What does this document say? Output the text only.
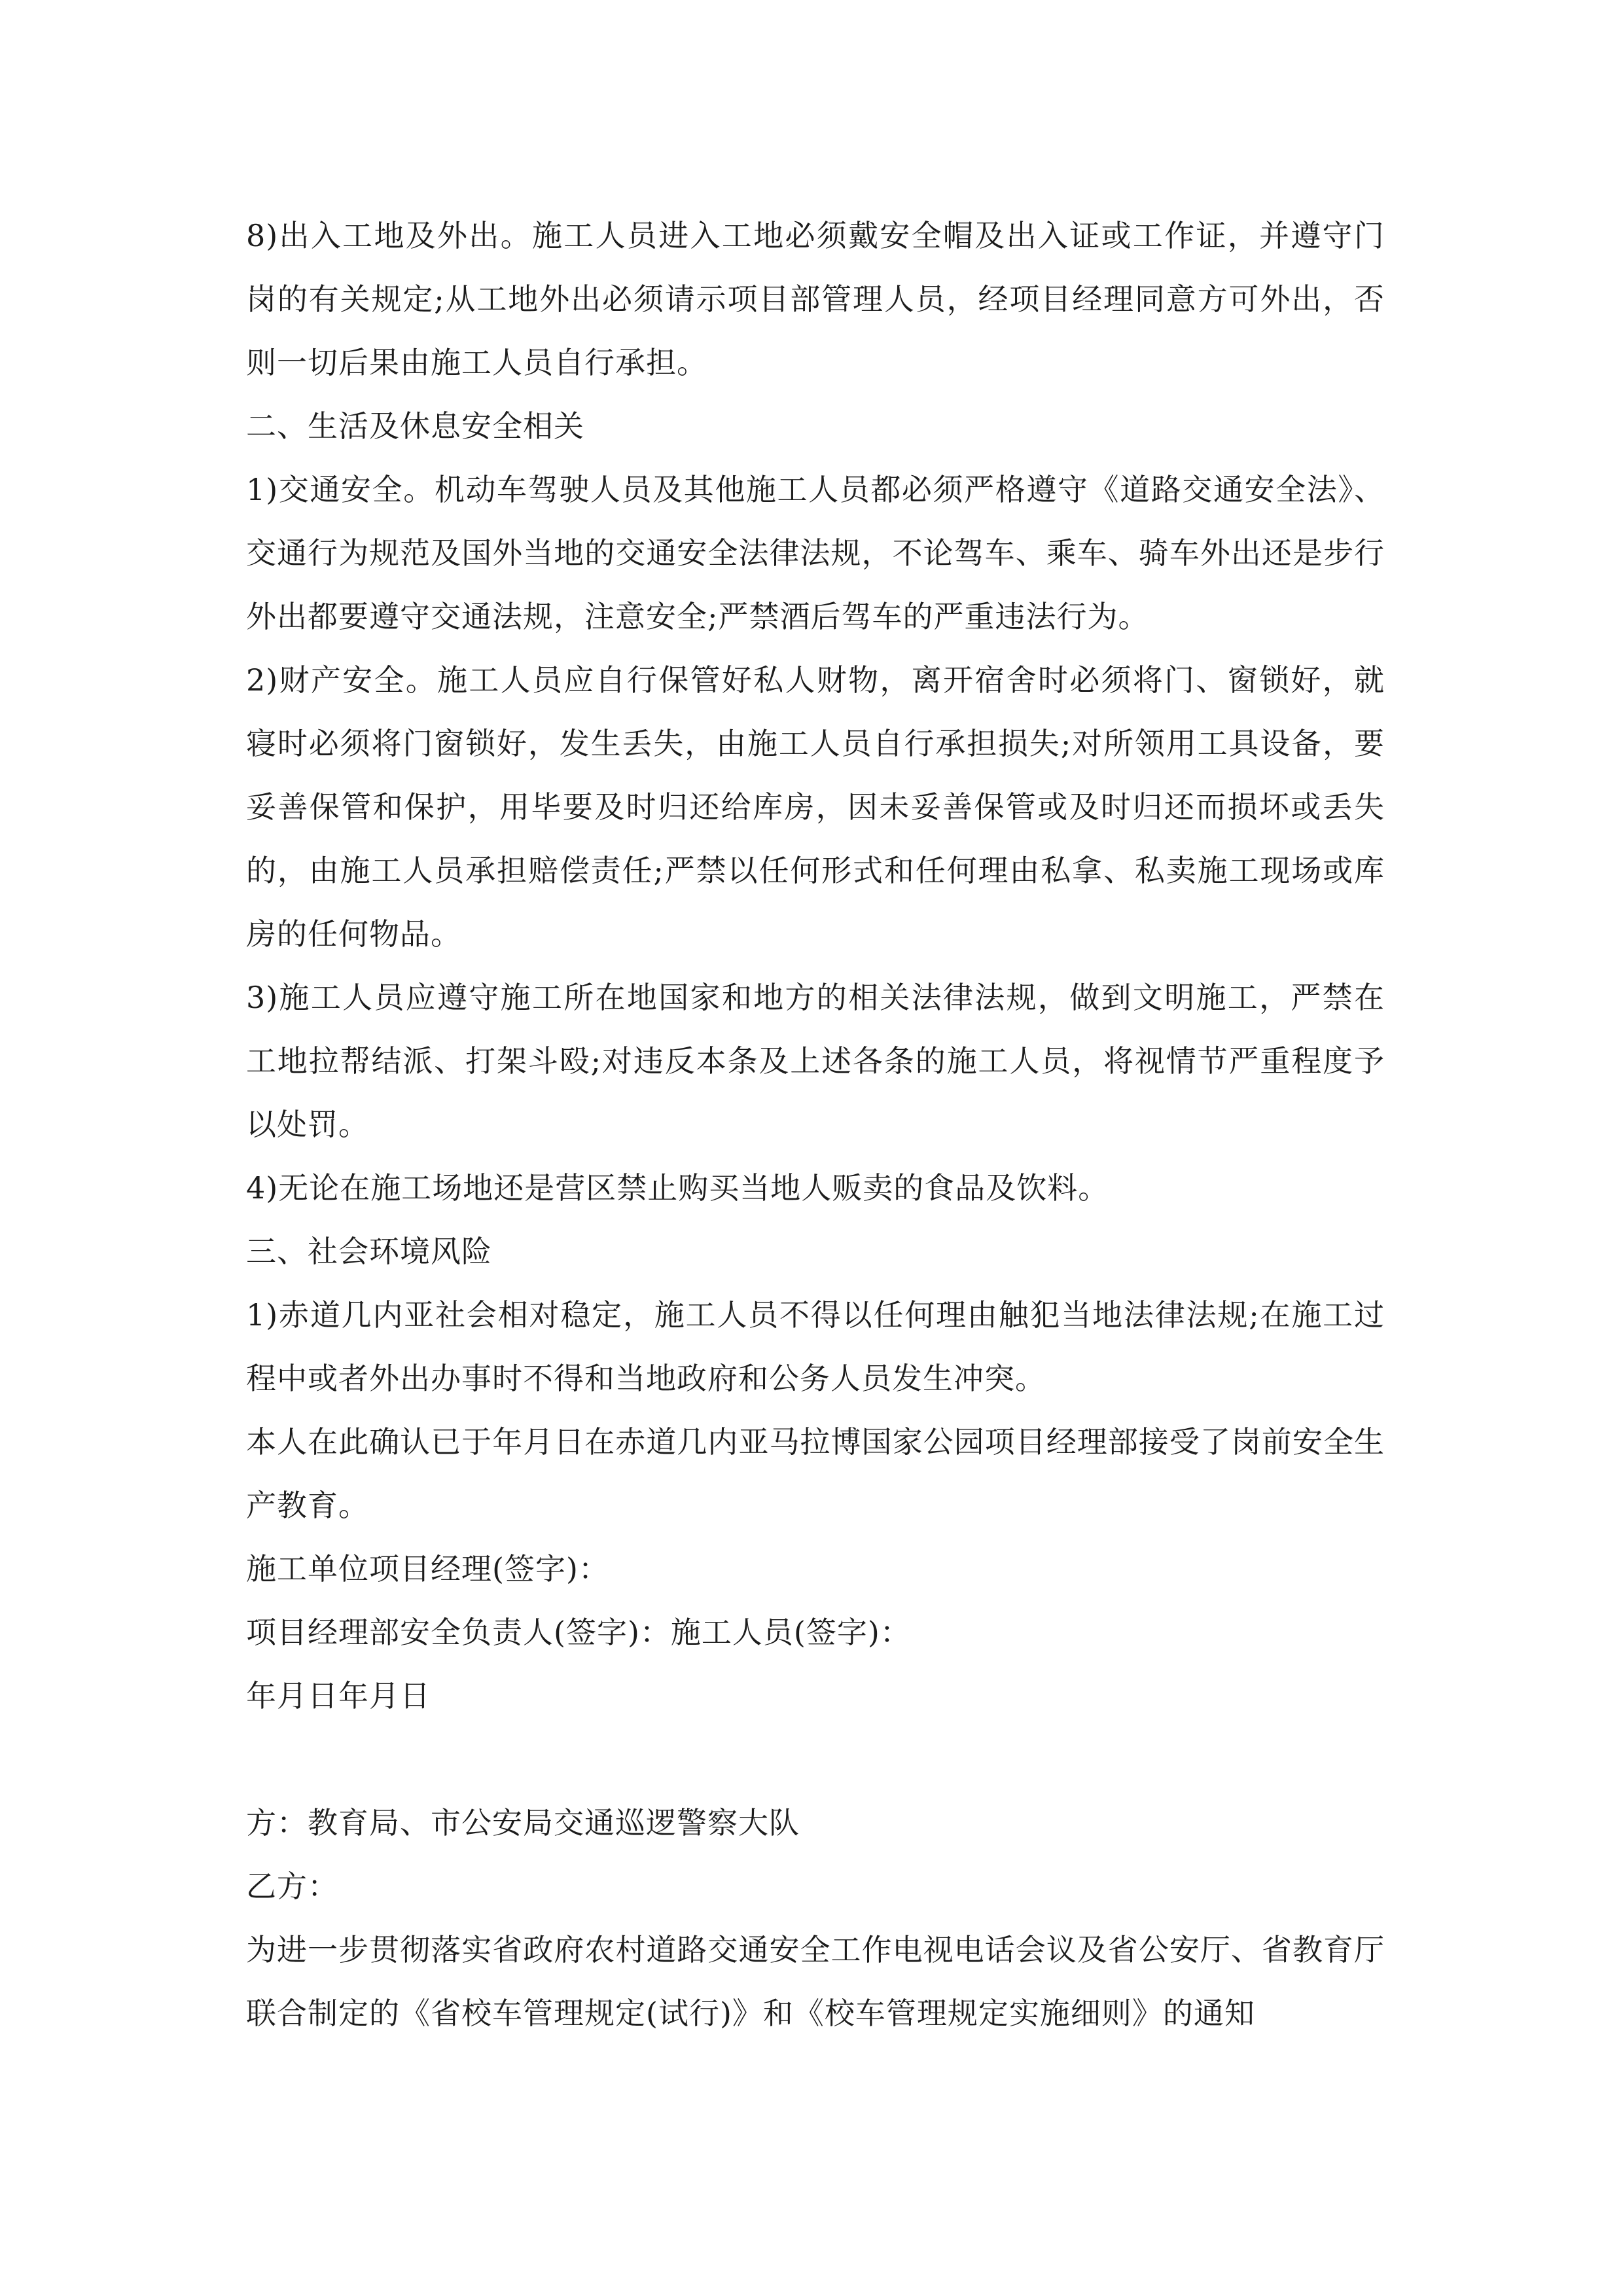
8)出入工地及外出。施工人员进入工地必须戴安全帽及出入证或工作证，并遵守门岗的有关规定;从工地外出必须请示项目部管理人员，经项目经理同意方可外出，否则一切后果由施工人员自行承担。

二、生活及休息安全相关

1)交通安全。机动车驾驶人员及其他施工人员都必须严格遵守《道路交通安全法》、交通行为规范及国外当地的交通安全法律法规，不论驾车、乘车、骑车外出还是步行外出都要遵守交通法规，注意安全;严禁酒后驾车的严重违法行为。

2)财产安全。施工人员应自行保管好私人财物，离开宿舍时必须将门、窗锁好，就寝时必须将门窗锁好，发生丢失，由施工人员自行承担损失;对所领用工具设备，要妥善保管和保护，用毕要及时归还给库房，因未妥善保管或及时归还而损坏或丢失的，由施工人员承担赔偿责任;严禁以任何形式和任何理由私拿、私卖施工现场或库房的任何物品。

3)施工人员应遵守施工所在地国家和地方的相关法律法规，做到文明施工，严禁在工地拉帮结派、打架斗殴;对违反本条及上述各条的施工人员，将视情节严重程度予以处罚。

4)无论在施工场地还是营区禁止购买当地人贩卖的食品及饮料。

三、社会环境风险

1)赤道几内亚社会相对稳定，施工人员不得以任何理由触犯当地法律法规;在施工过程中或者外出办事时不得和当地政府和公务人员发生冲突。

本人在此确认已于年月日在赤道几内亚马拉博国家公园项目经理部接受了岗前安全生产教育。

施工单位项目经理(签字)：

项目经理部安全负责人(签字)：施工人员(签字)：

年月日年月日

方：教育局、市公安局交通巡逻警察大队

乙方：

为进一步贯彻落实省政府农村道路交通安全工作电视电话会议及省公安厅、省教育厅联合制定的《省校车管理规定(试行)》和《校车管理规定实施细则》的通知
